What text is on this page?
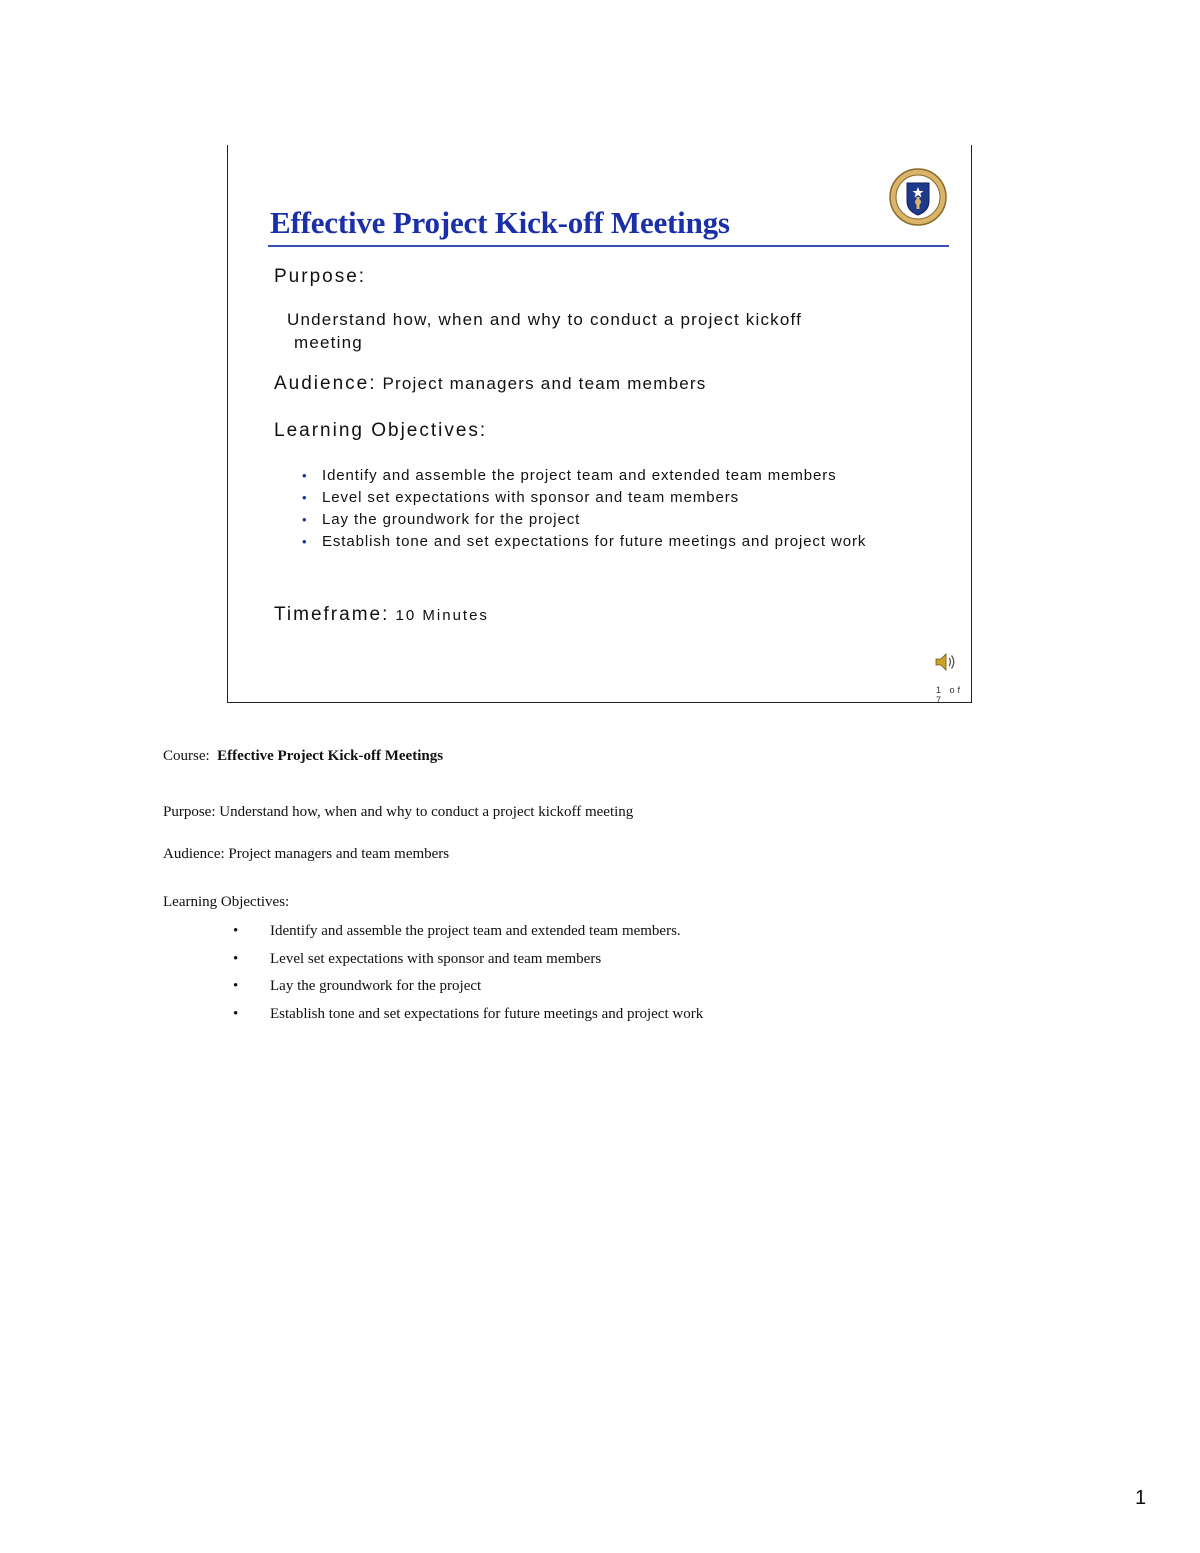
Effective Project Kick-off Meetings
Purpose:
Understand how, when and why to conduct a project kickoff
meeting
Audience: Project managers and team members
Learning Objectives:
• Identify and assemble the project team and extended team members
• Level set expectations with sponsor and team members
• Lay the groundwork for the project
• Establish tone and set expectations for future meetings and project work
Timeframe: 10 Minutes
1 of 7
Course: Effective Project Kick-off Meetings
Purpose: Understand how, when and why to conduct a project kickoff meeting
Audience: Project managers and team members
Learning Objectives:
• Identify and assemble the project team and extended team members.
• Level set expectations with sponsor and team members
• Lay the groundwork for the project
• Establish tone and set expectations for future meetings and project work
1
